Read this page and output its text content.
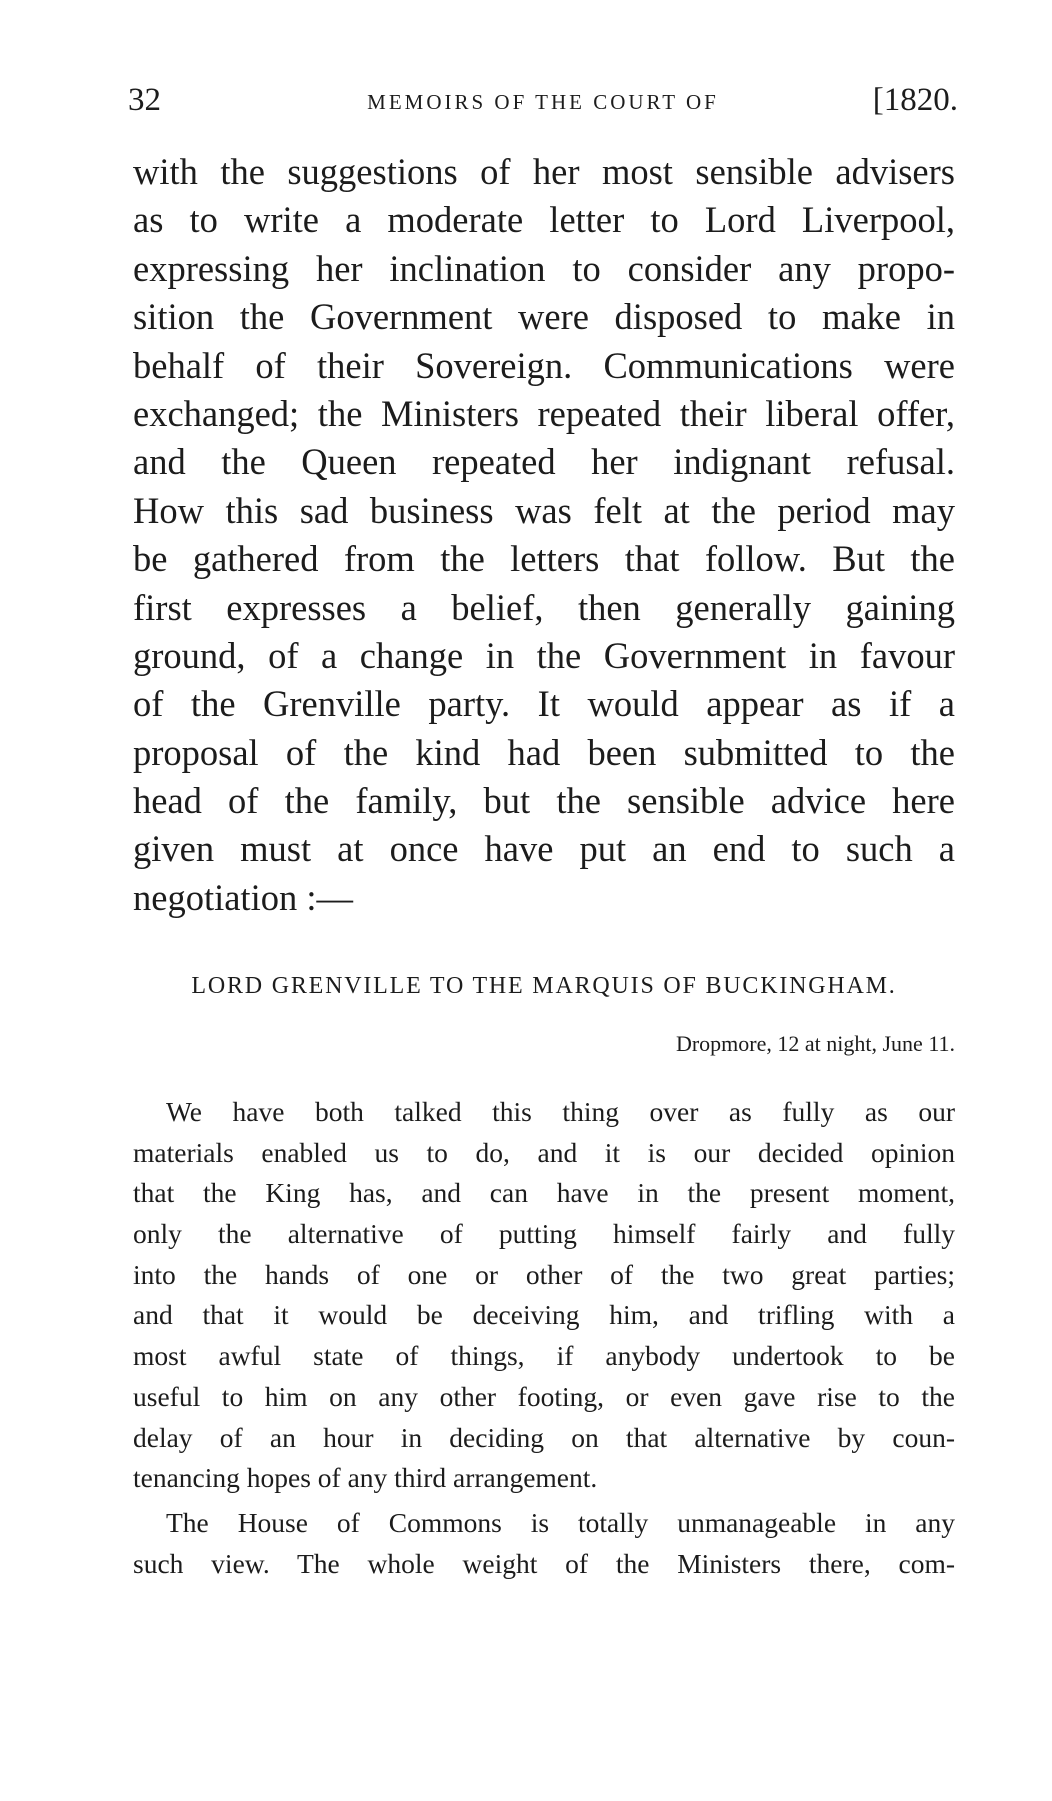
32	MEMOIRS OF THE COURT OF	[1820.
with the suggestions of her most sensible advisers
as to write a moderate letter to Lord Liverpool,
expressing her inclination to consider any propo-
sition the Government were disposed to make in
behalf of their Sovereign. Communications were
exchanged; the Ministers repeated their liberal offer,
and the Queen repeated her indignant refusal.
How this sad business was felt at the period may
be gathered from the letters that follow. But the
first expresses a belief, then generally gaining
ground, of a change in the Government in favour
of the Grenville party. It would appear as if a
proposal of the kind had been submitted to the
head of the family, but the sensible advice here
given must at once have put an end to such a
negotiation :—
LORD GRENVILLE TO THE MARQUIS OF BUCKINGHAM.
Dropmore, 12 at night, June 11.
We have both talked this thing over as fully as our
materials enabled us to do, and it is our decided opinion
that the King has, and can have in the present moment,
only the alternative of putting himself fairly and fully
into the hands of one or other of the two great parties;
and that it would be deceiving him, and trifling with a
most awful state of things, if anybody undertook to be
useful to him on any other footing, or even gave rise to the
delay of an hour in deciding on that alternative by coun-
tenancing hopes of any third arrangement.
The House of Commons is totally unmanageable in any
such view. The whole weight of the Ministers there, com-
